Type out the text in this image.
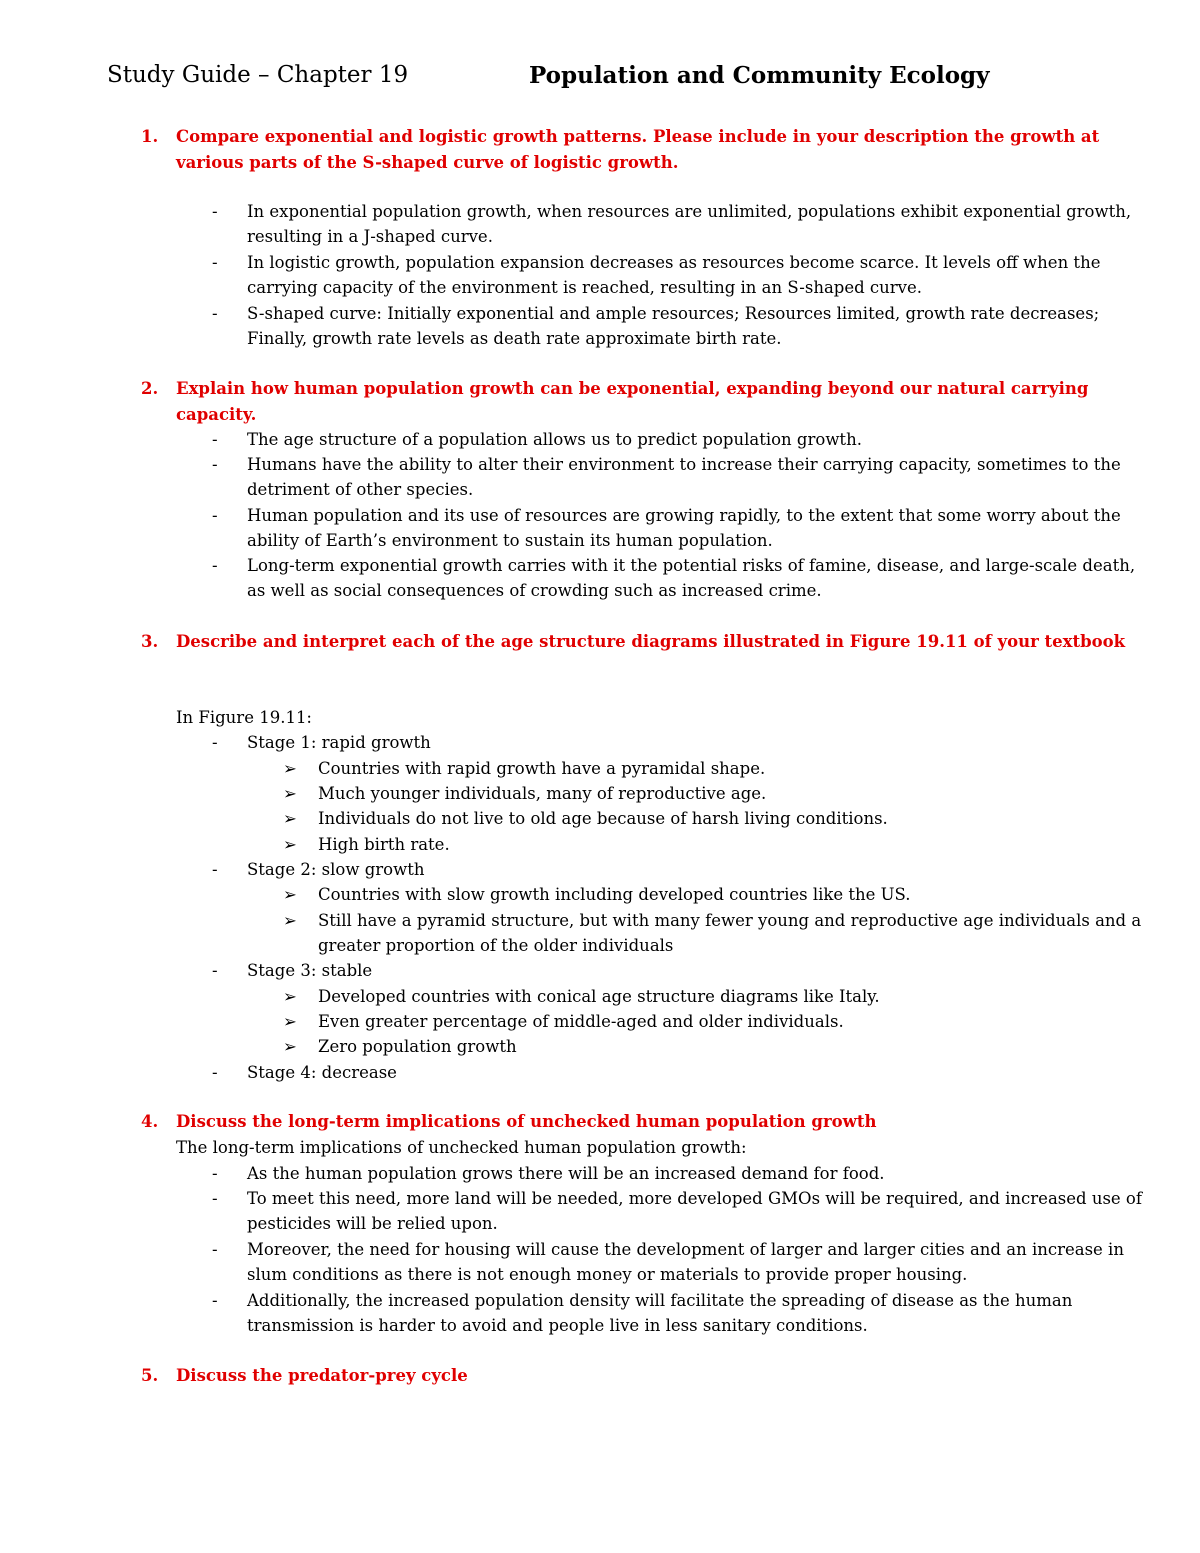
Study Guide – Chapter 19	Population and Community Ecology
1. Compare exponential and logistic growth patterns. Please include in your description the growth at various parts of the S-shaped curve of logistic growth.
- In exponential population growth, when resources are unlimited, populations exhibit exponential growth, resulting in a J-shaped curve.
- In logistic growth, population expansion decreases as resources become scarce. It levels off when the carrying capacity of the environment is reached, resulting in an S-shaped curve.
- S-shaped curve: Initially exponential and ample resources; Resources limited, growth rate decreases; Finally, growth rate levels as death rate approximate birth rate.
2. Explain how human population growth can be exponential, expanding beyond our natural carrying capacity.
- The age structure of a population allows us to predict population growth.
- Humans have the ability to alter their environment to increase their carrying capacity, sometimes to the detriment of other species.
- Human population and its use of resources are growing rapidly, to the extent that some worry about the ability of Earth’s environment to sustain its human population.
- Long-term exponential growth carries with it the potential risks of famine, disease, and large-scale death, as well as social consequences of crowding such as increased crime.
3. Describe and interpret each of the age structure diagrams illustrated in Figure 19.11 of your textbook
In Figure 19.11:
- Stage 1: rapid growth
➢ Countries with rapid growth have a pyramidal shape.
➢ Much younger individuals, many of reproductive age.
➢ Individuals do not live to old age because of harsh living conditions.
➢ High birth rate.
- Stage 2: slow growth
➢ Countries with slow growth including developed countries like the US.
➢ Still have a pyramid structure, but with many fewer young and reproductive age individuals and a greater proportion of the older individuals
- Stage 3: stable
➢ Developed countries with conical age structure diagrams like Italy.
➢ Even greater percentage of middle-aged and older individuals.
➢ Zero population growth
- Stage 4: decrease
4. Discuss the long-term implications of unchecked human population growth
The long-term implications of unchecked human population growth:
- As the human population grows there will be an increased demand for food.
- To meet this need, more land will be needed, more developed GMOs will be required, and increased use of pesticides will be relied upon.
- Moreover, the need for housing will cause the development of larger and larger cities and an increase in slum conditions as there is not enough money or materials to provide proper housing.
- Additionally, the increased population density will facilitate the spreading of disease as the human transmission is harder to avoid and people live in less sanitary conditions.
5. Discuss the predator-prey cycle
